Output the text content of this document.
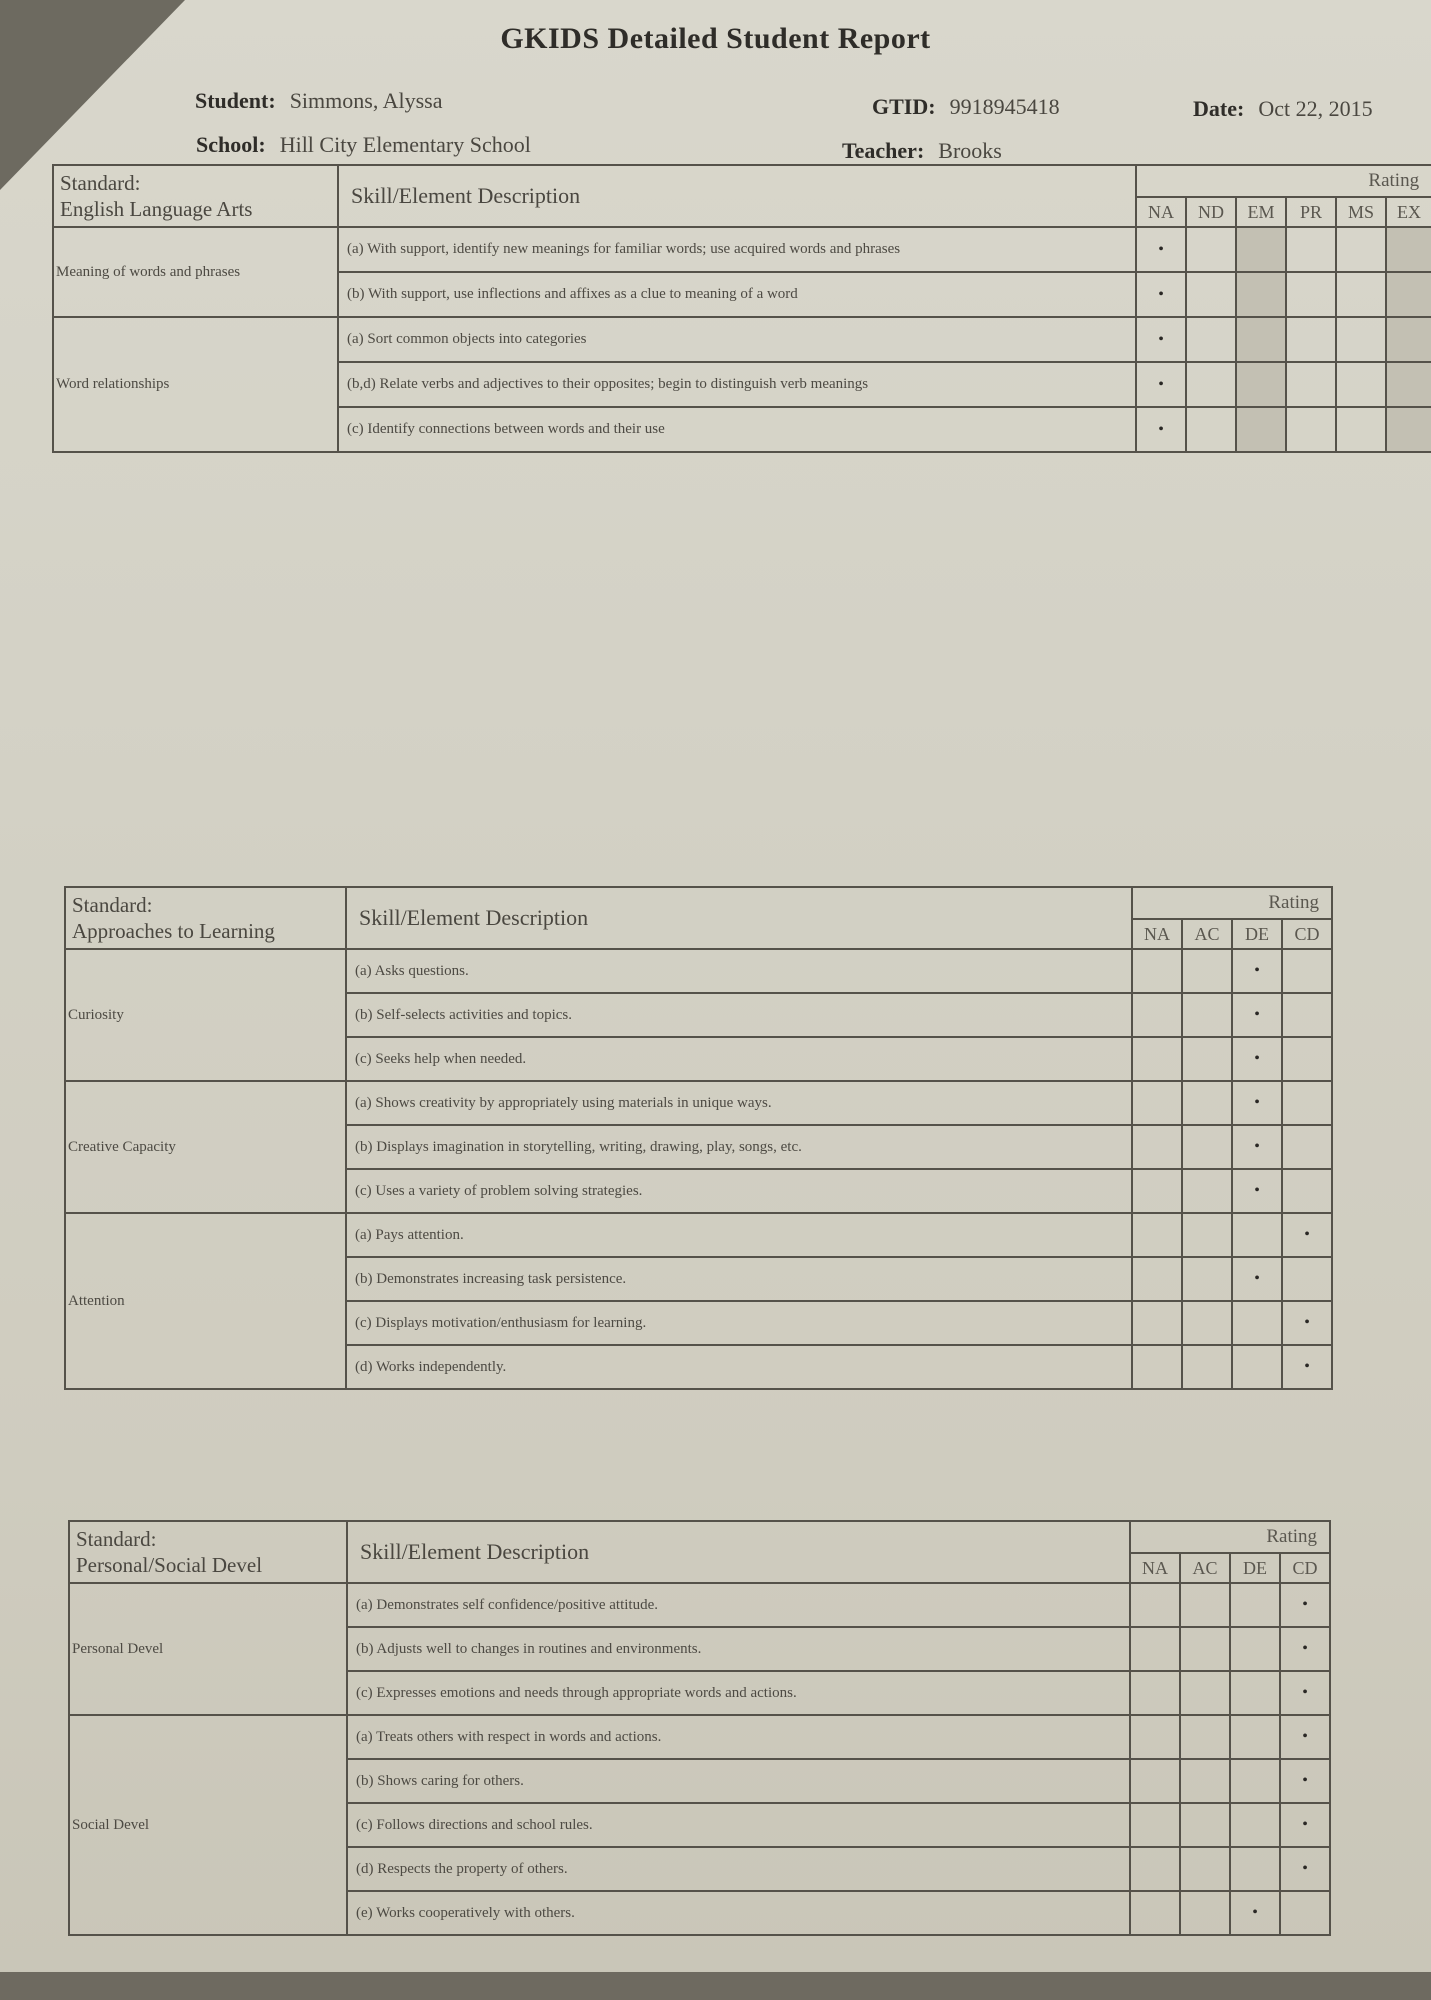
GKIDS Detailed Student Report
Student: Simmons, Alyssa	GTID: 9918945418	Date: Oct 22, 2015
School: Hill City Elementary School	Teacher: Brooks
Standard:
English Language Arts	Skill/Element Description	Rating					
		NA	ND	EM	PR	MS	EX
Meaning of words and phrases	(a) With support, identify new meanings for familiar words; use acquired words and phrases	•					
	(b) With support, use inflections and affixes as a clue to meaning of a word	•					
Word relationships	(a) Sort common objects into categories	•					
	(b,d) Relate verbs and adjectives to their opposites; begin to distinguish verb meanings	•					
	(c) Identify connections between words and their use	•					
Standard:
Approaches to Learning	Skill/Element Description	Rating			
		NA	AC	DE	CD
Curiosity	(a) Asks questions.			•	
	(b) Self-selects activities and topics.			•	
	(c) Seeks help when needed.			•	
Creative Capacity	(a) Shows creativity by appropriately using materials in unique ways.			•	
	(b) Displays imagination in storytelling, writing, drawing, play, songs, etc.			•	
	(c) Uses a variety of problem solving strategies.			•	
Attention	(a) Pays attention.				•
	(b) Demonstrates increasing task persistence.			•	
	(c) Displays motivation/enthusiasm for learning.				•
	(d) Works independently.				•
Standard:
Personal/Social Devel	Skill/Element Description	Rating			
		NA	AC	DE	CD
Personal Devel	(a) Demonstrates self confidence/positive attitude.				•
	(b) Adjusts well to changes in routines and environments.				•
	(c) Expresses emotions and needs through appropriate words and actions.				•
Social Devel	(a) Treats others with respect in words and actions.				•
	(b) Shows caring for others.				•
	(c) Follows directions and school rules.				•
	(d) Respects the property of others.				•
	(e) Works cooperatively with others.			•	
